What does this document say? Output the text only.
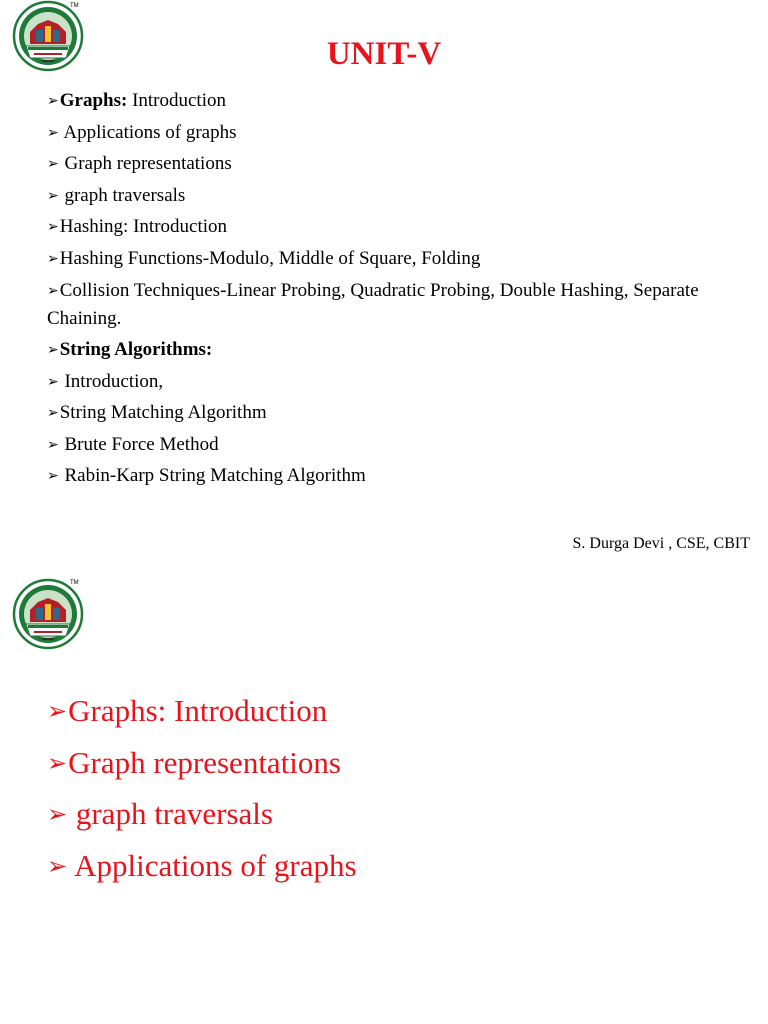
TM
UNIT-V
➢Graphs: Introduction
➢ Applications of graphs
➢ Graph representations
➢ graph traversals
➢Hashing: Introduction
➢Hashing Functions-Modulo, Middle of Square, Folding
➢Collision Techniques-Linear Probing, Quadratic Probing, Double Hashing, Separate Chaining.
➢String Algorithms:
➢ Introduction,
➢String Matching Algorithm
➢ Brute Force Method
➢ Rabin-Karp String Matching Algorithm
S. Durga Devi , CSE, CBIT
TM
➢Graphs: Introduction
➢Graph representations
➢ graph traversals
➢ Applications of graphs
